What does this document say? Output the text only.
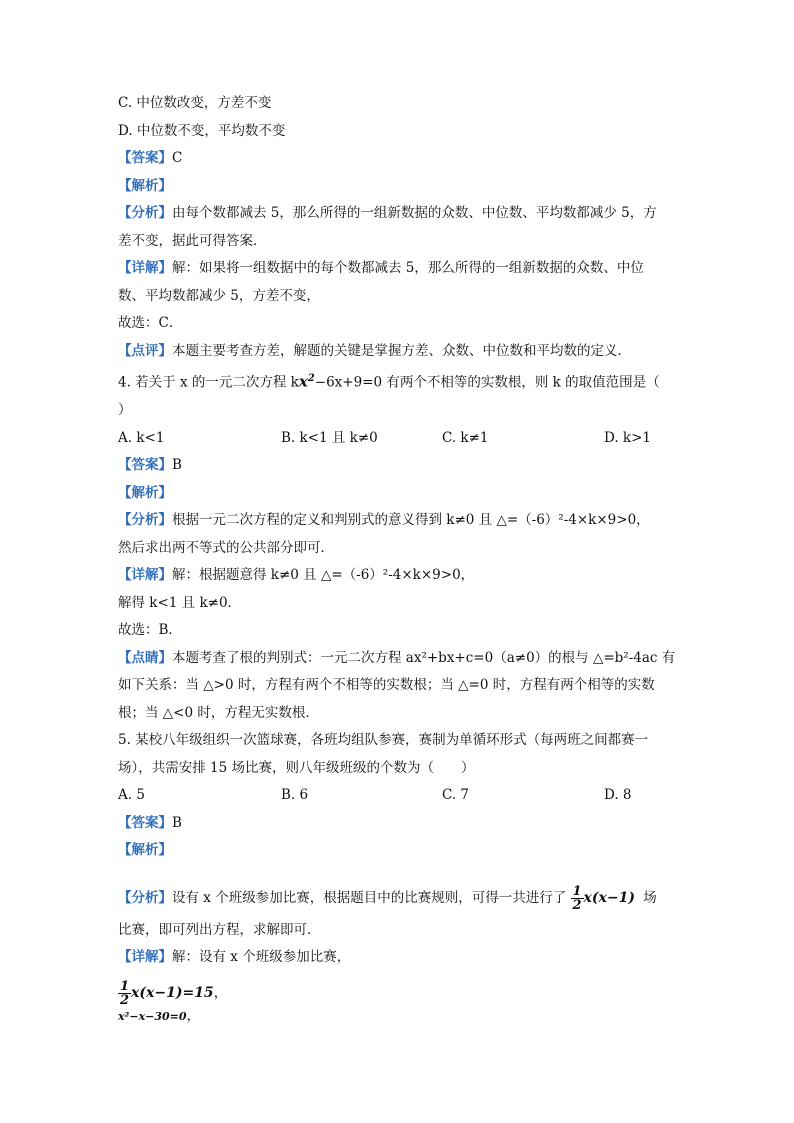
C. 中位数改变，方差不变
D. 中位数不变，平均数不变
【答案】C
【解析】
【分析】由每个数都减去 5，那么所得的一组新数据的众数、中位数、平均数都减少 5，方
差不变，据此可得答案．
【详解】解：如果将一组数据中的每个数都减去 5，那么所得的一组新数据的众数、中位
数、平均数都减少 5，方差不变，
故选：C．
【点评】本题主要考查方差，解题的关键是掌握方差、众数、中位数和平均数的定义．
4. 若关于 x 的一元二次方程 $kx^2-6x+9=0$ 有两个不相等的实数根，则 k 的取值范围是（
）
A. k<1	B. k<1 且 k≠0	C. k≠1	D. k>1
【答案】B
【解析】
【分析】根据一元二次方程的定义和判别式的意义得到 k≠0 且 △=（-6）²-4×k×9>0，
然后求出两不等式的公共部分即可．
【详解】解：根据题意得 k≠0 且 △=（-6）²-4×k×9>0，
解得 k<1 且 k≠0．
故选：B．
【点睛】本题考查了根的判别式：一元二次方程 ax²+bx+c=0（a≠0）的根与 △=b²-4ac 有
如下关系：当 △>0 时，方程有两个不相等的实数根；当 △=0 时，方程有两个相等的实数
根；当 △<0 时，方程无实数根．
5. 某校八年级组织一次篮球赛，各班均组队参赛，赛制为单循环形式（每两班之间都赛一
场），共需安排 15 场比赛，则八年级班级的个数为（　　）
A. 5	B. 6	C. 7	D. 8
【答案】B
【解析】
【分析】设有 x 个班级参加比赛，根据题目中的比赛规则，可得一共进行了 $\frac{1}{2} x(x-1)$ 场
比赛，即可列出方程，求解即可．
【详解】解：设有 x 个班级参加比赛，
$\frac{1}{2} x(x-1)=15$，
x²−x−30=0，
